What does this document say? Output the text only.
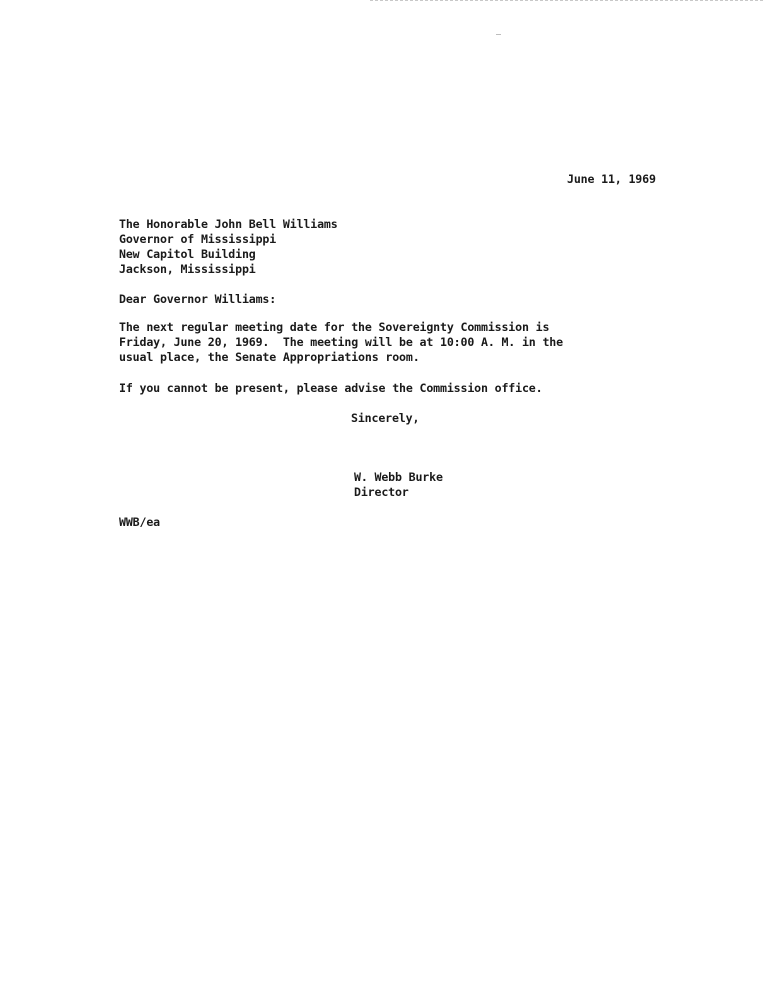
June 11, 1969
The Honorable John Bell Williams
Governor of Mississippi
New Capitol Building
Jackson, Mississippi
Dear Governor Williams:
The next regular meeting date for the Sovereignty Commission is
Friday, June 20, 1969.  The meeting will be at 10:00 A. M. in the
usual place, the Senate Appropriations room.
If you cannot be present, please advise the Commission office.
Sincerely,
W. Webb Burke
Director
WWB/ea
